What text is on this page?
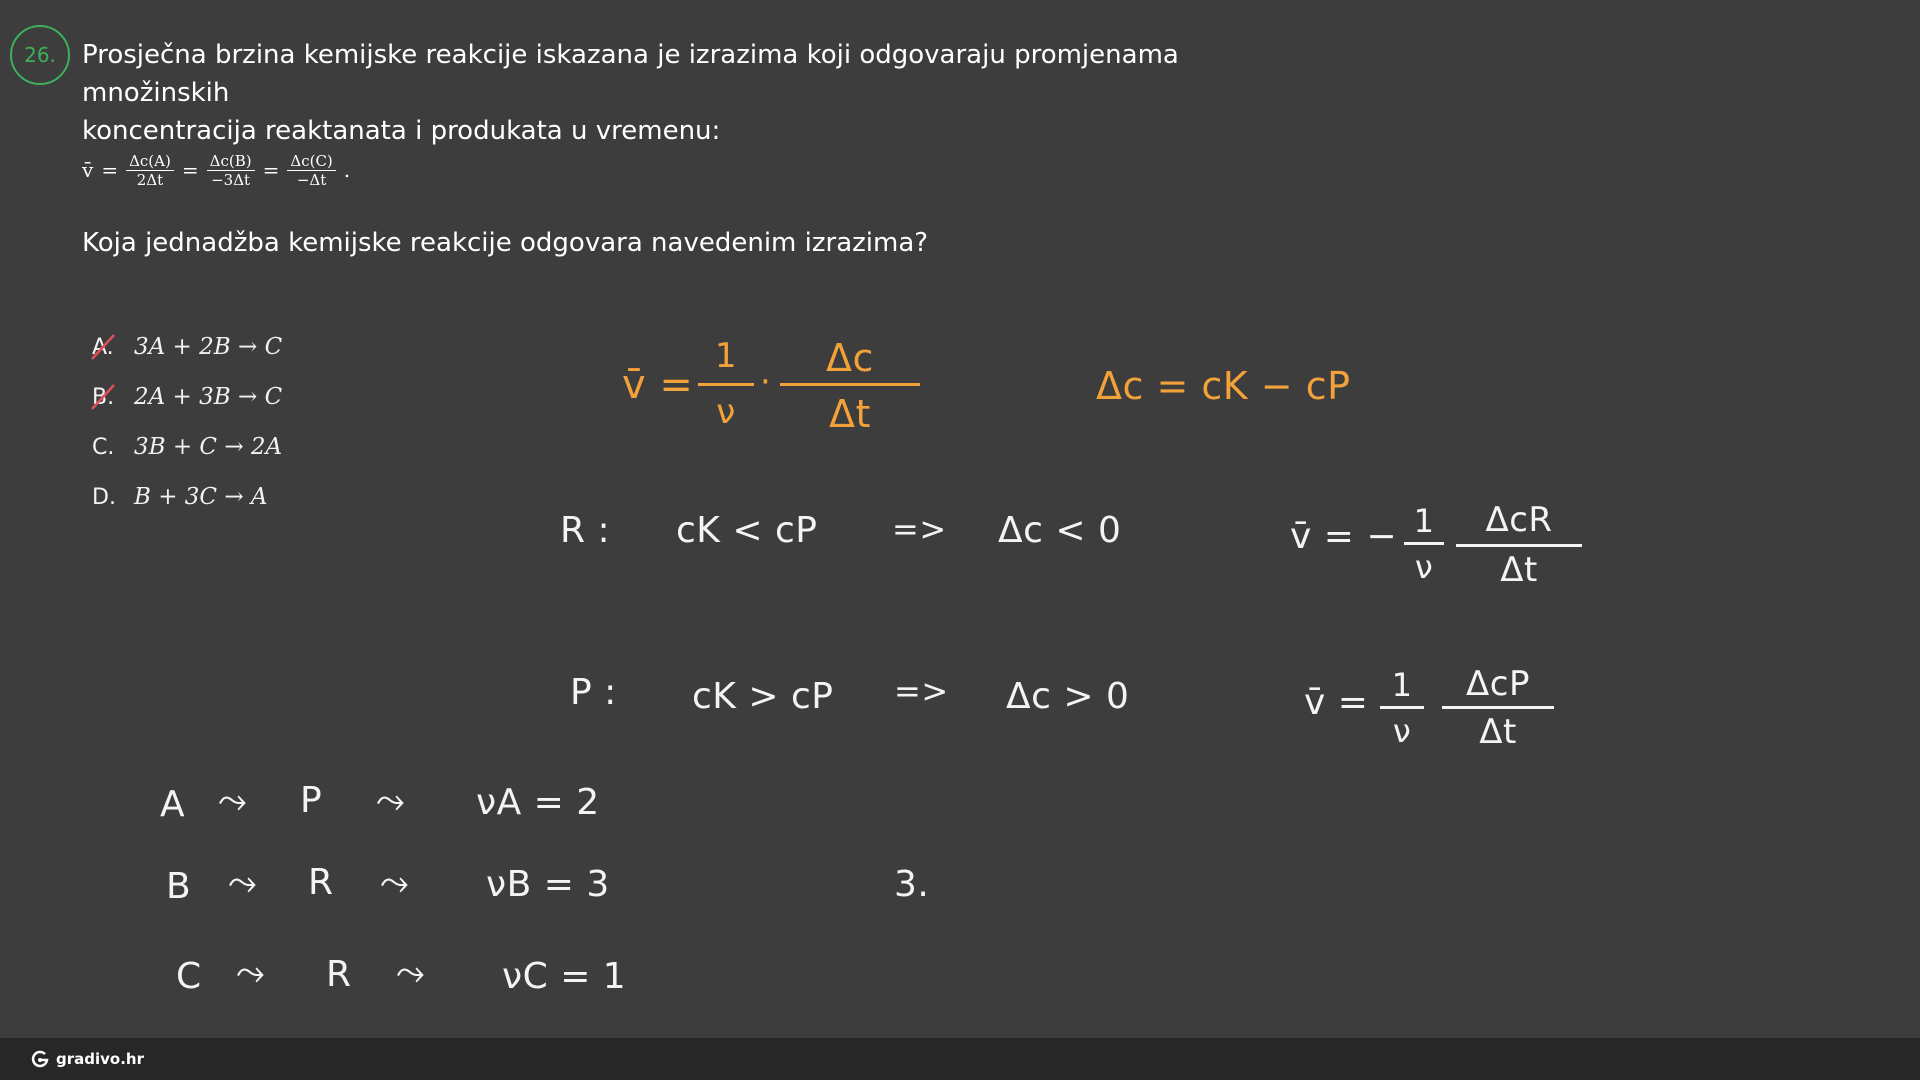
26. Prosječna brzina kemijske reakcije iskazana je izrazima koji odgovaraju promjenama množinskih
koncentracija reaktanata i produkata u vremenu:
v̄ = $\frac{\Delta c(A)}{2\Delta t} = \frac{\Delta c(B)}{-3\Delta t} = \frac{\Delta c(C)}{-\Delta t}$ .
Koja jednadžba kemijske reakcije odgovara navedenim izrazima?
A. 3A + 2B → C
B. 2A + 3B → C
C. 3B + C → 2A
D. B + 3C → A
v̄ =
1
ν
·
Δc
Δt
Δc = cK − cP
R : cK < cP => Δc < 0	v̄ = − 1
ν
ΔcR
Δt
P : cK > cP => Δc > 0	v̄ = 1
ν
ΔcP
Δt
A ⤳ P ⤳ νA = 2
B ⤳ R ⤳ νB = 3
C ⤳ R ⤳ νC = 1
3.
gradivo.hr
